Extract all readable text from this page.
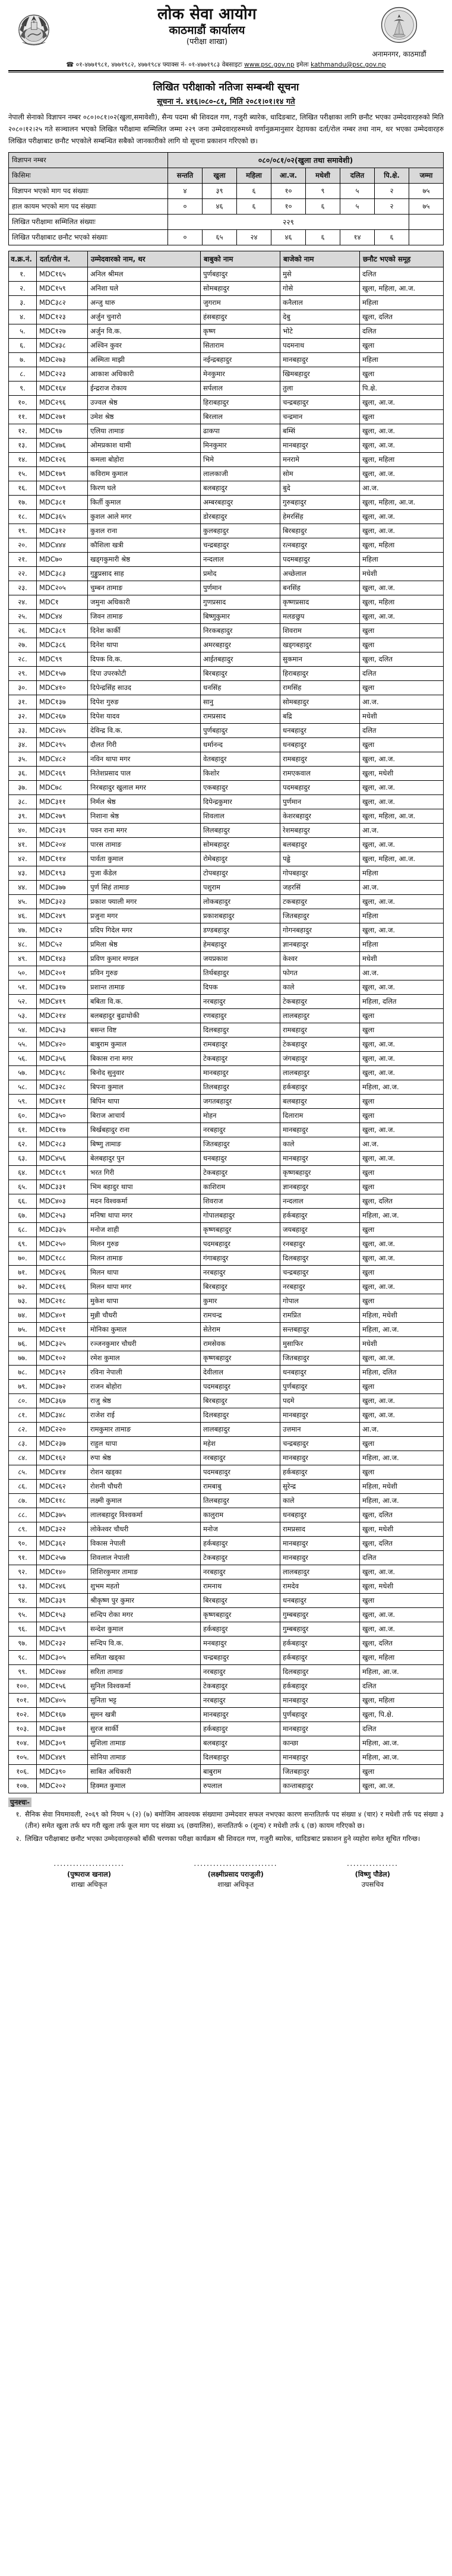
लोक सेवा आयोग
काठमाडौं कार्यालय
(परीक्षा शाखा)
अनामनगर, काठमाडौं
☎ ०१-४७७१९८१, ४७७१९८२, ४७७१९८४ फ्याक्स नं- ०१-४७७१९८३ वेबसाइटः www.psc.gov.np इमेलः kathmandu@psc.gov.np
लिखित परीक्षाको नतिजा सम्बन्धी सूचना
सूचना नं. ४१६।०८०-८१, मिति २०८१।०१।१४ गते
नेपाली सेनाको विज्ञापन नम्बर ०८०।०८१।०२(खुला,समावेशी), सैन्य पदमा श्री शिवदल गण, गजुरी ब्यारेक, धादिङबाट, लिखित परीक्षाका लागि छनौट भएका उम्मेदवारहरुको मिति २०८०।१२।२५ गते सञ्चालन भएको लिखित परीक्षामा सम्मिलित जम्मा २२९ जना उम्मेदवारहरुमध्ये वर्णानुक्रमानुसार देहायका दर्ता/रोल नम्बर तथा नाम, थर भएका उम्मेदवारहरु लिखित परीक्षाबाट छनौट भएकोले सम्बन्धित सबैको जानकारीको लागि यो सूचना प्रकाशन गरिएको छ।
विज्ञापन नम्बर	०८०/०८१/०२(खुला तथा समावेशी)							
किसिमः	सन्तति	खुला	महिला	आ.ज.	मधेशी	दलित	पि.क्षे.	जम्मा
विज्ञापन भएको माग पद संख्याः	४	३९	६	१०	९	५	२	७५
हाल कायम भएको माग पद संख्याः	०	४६	६	१०	६	५	२	७५
लिखित परीक्षामा सम्मिलित संख्याः	२२९							
लिखित परीक्षाबाट छनौट भएको संख्याः	०	६५	२४	४६	६	१४	६	
व.क्र.नं.	दर्ता/रोल नं.	उम्मेदवारको नाम, थर	बाबुको नाम	बाजेको नाम	छनौट भएको समूह
१.	MDC१६५	अनिल श्रीमल	पुर्णबहादुर	मुसे	दलित
२.	MDC१५९	अनिशा घले	सोमबहादुर	गोसे	खुला, महिला, आ.ज.
३.	MDC३८२	अन्जु थारु	जुगराम	कनैलाल	महिला
४.	MDC१२३	अर्जुन चुनारो	हंसबहादुर	देबु	खुला, दलित
५.	MDC१२७	अर्जुन वि.क.	कृष्ण	भोटे	दलित
६.	MDC४३८	अश्विन कुवर	सिताराम	पदमनाथ	खुला
७.	MDC२७३	अस्मिता माझी	नईन्द्रबहादुर	मानबहादुर	महिला
८.	MDC२२३	आकाश अधिकारी	मेनकुमार	खिमबहादुर	खुला
९.	MDC१६४	ईन्द्रराज रोकाय	सर्पलाल	तुला	पि.क्षे.
१०.	MDC२९६	उज्वल श्रेष्ठ	हिराबहादुर	चन्द्रबहादुर	खुला, आ.ज.
११.	MDC२७१	उमेश श्रेष्ठ	बिरलाल	चन्द्रमान	खुला
१२.	MDC९७	एलिया तामाङ	ढाकपा	बम्सिं	खुला, आ.ज.
१३.	MDC४७६	ओमप्रकाश थामी	मिनकुमार	मानबहादुर	खुला, आ.ज.
१४.	MDC१२६	कमला बोहोरा	भिमे	मनरामे	खुला, महिला
१५.	MDC१७९	कविराम कुमाल	लालकाजी	सोम	खुला, आ.ज.
१६.	MDC१०९	किरण घले	बलबहादुर	बुदे	आ.ज.
१७.	MDC३८१	किर्ती कुमाल	अम्बरबहादुर	गुरुबहादुर	खुला, महिला, आ.ज.
१८.	MDC३६५	कुशल आले मगर	डोरबहादुर	हेमरसिंह	खुला, आ.ज.
१९.	MDC३१२	कुशल राना	कुलबहादुर	बिरबहादुर	खुला, आ.ज.
२०.	MDC४४४	कौशिला खत्री	चन्द्रबहादुर	रत्नबहादुर	खुला, महिला
२१.	MDC७०	खड्गकुमारी श्रेष्ठ	नन्दलाल	पदमबहादुर	महिला
२२.	MDC३८३	गुड्डुप्रसाद साह	प्रमोद	अच्छेलाल	मधेशी
२३.	MDC२०५	चुम्बन तामाङ	पुर्णमान	बनसिंह	खुला, आ.ज.
२४.	MDC१	जमुना अधिकारी	गुणप्रसाद	कृष्णप्रसाद	खुला, महिला
२५.	MDC४४	जिवन तामाङ	बिष्णुकुमार	मलङछुप	खुला, आ.ज.
२६.	MDC३८९	दिनेश कार्की	निरकबहादुर	शिवराम	खुला
२७.	MDC३८६	दिनेश थापा	अमरबहादुर	खड्गबहादुर	खुला
२८.	MDC९९	दिपक वि.क.	आईतबहादुर	सुकमान	खुला, दलित
२९.	MDC१५७	दिपा उपरकोटी	बिरबहादुर	हिराबहादुर	दलित
३०.	MDC४१०	दिपेन्द्रसिंह साउद	धनसिंह	रामसिंह	खुला
३१.	MDC१३७	दिपेश गुरुङ	सानु	सोमबहादुर	आ.ज.
३२.	MDC२६७	दिपेश यादव	रामप्रसाद	बद्रि	मधेशी
३३.	MDC२४५	देविन्द्र वि.क.	पुर्णबहादुर	धनबहादुर	दलित
३४.	MDC२९५	दौलत गिरी	धर्मानन्द	धनबहादुर	खुला
३५.	MDC४८२	नविन थापा मगर	वेतबहादुर	रामबहादुर	खुला, आ.ज.
३६.	MDC२६९	नितेशप्रसाद पाल	किशोर	रामएकवाल	खुला, मधेशी
३७.	MDC७८	निरबहादुर खुलाल मगर	एकबहादुर	पदमबहादुर	खुला, आ.ज.
३८.	MDC३११	निर्मल श्रेष्ठ	दिपेन्द्रकुमार	पुर्णमान	खुला, आ.ज.
३९.	MDC२७९	निशाना श्रेष्ठ	शिवलाल	केशरबहादुर	खुला, महिला, आ.ज.
४०.	MDC२३९	पवन राना मगर	लिलबहादुर	रेशमबहादुर	आ.ज.
४१.	MDC२०४	पारस तामाङ	सोमबहादुर	बलबहादुर	खुला, आ.ज.
४२.	MDC११४	पार्वता कुमाल	रोमेबहादुर	पढ्ढे	खुला, महिला, आ.ज.
४३.	MDC१९३	पुजा कँडेल	टोपबहादुर	गोपबहादुर	महिला
४४.	MDC३७७	पुर्ण सिहं तामाङ	पशुराम	जहरसिं	आ.ज.
४५.	MDC३२३	प्रकाश फ्याली मगर	लोकबहादुर	टकबहादुर	खुला, आ.ज.
४६.	MDC२४९	प्रजुना मगर	प्रकाशबहादुर	जितबहादुर	महिला
४७.	MDC१२	प्रदिप गिदेल मगर	डण्डबहादुर	गोगनबहादुर	खुला, आ.ज.
४८.	MDC५२	प्रमिला श्रेष्ठ	हेमबहादुर	ज्ञानबहादुर	महिला
४९.	MDC१४३	प्रविण कुमार मण्डल	जयप्रकाश	केश्वर	मधेशी
५०.	MDC२०१	प्रविन गुरुङ	तिर्थबहादुर	फोगत	आ.ज.
५१.	MDC३१७	प्रशान्त तामाङ	दिपक	काले	खुला, आ.ज.
५२.	MDC४१९	बबिता वि.क.	नरबहादुर	टेकबहादुर	महिला, दलित
५३.	MDC२१४	बलबहादुर बुढाथोकी	रणबहादुर	लालबहादुर	खुला
५४.	MDC३५३	बसन्त विष्ट	दिलबहादुर	रामबहादुर	खुला
५५.	MDC४२०	बाबुराम कुमाल	रामबहादुर	टेकबहादुर	खुला, आ.ज.
५६.	MDC३५६	बिकास राना मगर	टेकबहादुर	जंगबहादुर	खुला, आ.ज.
५७.	MDC३९८	बिनोद सुनुवार	मानबहादुर	लालबहादुर	खुला, आ.ज.
५८.	MDC३२८	बिपना कुमाल	तिलबहादुर	हर्कबहादुर	महिला, आ.ज.
५९.	MDC४११	बिपिन थापा	जगतबहादुर	बलबहादुर	खुला
६०.	MDC३५०	बिराज आचार्य	मोहन	दिलाराम	खुला
६१.	MDC११७	बिर्खबहादुर राना	नरबहादुर	मानबहादुर	खुला, आ.ज.
६२.	MDC२८३	बिष्णु तामाङ	जितबहादुर	काले	आ.ज.
६३.	MDC४५६	बेलबहादुर पुन	धनबहादुर	मानबहादुर	खुला, आ.ज.
६४.	MDC१८९	भरत गिरी	टेकबहादुर	कृष्णबहादुर	खुला
६५.	MDC३३१	भिम बहादुर थापा	काशिराम	ज्ञानबहादुर	खुला
६६.	MDC४०३	मदन विश्वकर्मा	शिवराज	नन्दलाल	खुला, दलित
६७.	MDC२५३	मनिषा थापा मगर	गोपालबहादुर	हर्कबहादुर	महिला, आ.ज.
६८.	MDC३३५	मनोज शाही	कृष्णबहादुर	जयबहादुर	खुला
६९.	MDC२५०	मिलन गुरुङ	पदमबहादुर	रनबहादुर	खुला, आ.ज.
७०.	MDC१८८	मिलन तामाङ	गंगाबहादुर	दिलबहादुर	खुला, आ.ज.
७१.	MDC४२६	मिलन थापा	नरबहादुर	चन्द्रबहादुर	खुला
७२.	MDC२१६	मिलन थापा मगर	बिरबहादुर	नरबहादुर	खुला, आ.ज.
७३.	MDC२१८	मुकेश थापा	कुमार	गोपाल	खुला
७४.	MDC४०१	मुन्नी चौधरी	रामचन्द्र	रामप्रित	महिला, मधेशी
७५.	MDC२९१	मोनिका कुमाल	सेतेराम	सन्तबहादुर	महिला, आ.ज.
७६.	MDC३२५	रञ्जनकुमार चौधरी	रामसेवक	मुसाफिर	मधेशी
७७.	MDC१०२	रमेश कुमाल	कृष्णबहादुर	जितबहादुर	खुला, आ.ज.
७८.	MDC३९२	रविना नेपाली	देवीलाल	धनबहादुर	महिला, दलित
७९.	MDC३७२	राजन बोहोरा	पदमबहादुर	पुर्णबहादुर	खुला
८०.	MDC३६७	राजु श्रेष्ठ	बिरबहादुर	पदमे	खुला, आ.ज.
८१.	MDC३४८	राजेश राई	दिलबहादुर	मानबहादुर	खुला, आ.ज.
८२.	MDC२२०	रामकुमार तामाङ	लालबहादुर	उत्तमान	आ.ज.
८३.	MDC२३७	राहुल थापा	महेश	चन्द्रबहादुर	खुला
८४.	MDC१६२	रुपा श्रेष्ठ	नरबहादुर	मानबहादुर	महिला, आ.ज.
८५.	MDC४१४	रोशन खड्का	पदमबहादुर	हर्कबहादुर	खुला
८६.	MDC२६२	रोशनी चौधरी	रामबाबु	सुरेन्द्र	महिला, मधेशी
८७.	MDC११८	लक्ष्मी कुमाल	तिलबहादुर	काले	महिला, आ.ज.
८८.	MDC३७५	लालबहादुर विश्वकर्मा	कालुराम	धनबहादुर	खुला, दलित
८९.	MDC३२२	लोकेश्वर चौधरी	मनोज	रामप्रसाद	खुला, मधेशी
९०.	MDC३६२	विकास नेपाली	हर्कबहादुर	मानबहादुर	खुला, दलित
९१.	MDC२५७	शिवलाल नेपाली	टेकबहादुर	मानबहादुर	दलित
९२.	MDC१४०	शिशिरकुमार तामाङ	नरबहादुर	लालबहादुर	खुला, आ.ज.
९३.	MDC२४६	शुभम महतो	रामनाथ	रामदेव	खुला, मधेशी
९४.	MDC३३९	श्रीकृष्ण पुर कुमार	बिरबहादुर	धनबहादुर	खुला
९५.	MDC१५३	सन्दिप रोका मगर	कृष्णबहादुर	गुम्बबहादुर	खुला, आ.ज.
९६.	MDC३५९	सन्देश कुमाल	हर्कबहादुर	गुम्बबहादुर	खुला, आ.ज.
९७.	MDC२३२	सन्दिप वि.क.	मनबहादुर	हर्कबहादुर	खुला, दलित
९८.	MDC३०५	समिता खड्का	चन्द्रबहादुर	हर्कबहादुर	खुला, महिला
९९.	MDC२७४	सरिता तामाङ	नरबहादुर	दिलबहादुर	महिला, आ.ज.
१००.	MDC१५६	सुनिल विश्वकर्मा	टेकबहादुर	हर्कबहादुर	दलित
१०१.	MDC४०५	सुनिता भट्ट	नरबहादुर	मानबहादुर	खुला, महिला
१०२.	MDC१६७	सुमन खत्री	मानबहादुर	पुर्णबहादुर	खुला, पि.क्षे.
१०३.	MDC३७१	सुरज सार्की	हर्कबहादुर	मानबहादुर	दलित
१०४.	MDC३०९	सुशिला तामाङ	बलबहादुर	कान्छा	महिला, आ.ज.
१०५.	MDC४४९	सोनिया तामाङ	दिलबहादुर	मानबहादुर	महिला, आ.ज.
१०६.	MDC३९०	साबित अधिकारी	बाबुराम	जितबहादुर	खुला
१०७.	MDC२०२	हिक्मत कुमाल	रुपलाल	कान्ताबहादुर	खुला, आ.ज.
पुनश्चः-
१. सैनिक सेवा नियमावली, २०६९ को नियम ५ (२) (७) बमोजिम आवश्यक संख्यामा उम्मेदवार सफल नभएका कारण सन्ततितर्फ पद संख्या ४ (चार) र मधेशी तर्फ पद संख्या ३ (तीन) समेत खुला तर्फ थप गरी खुला तर्फ कूल माग पद संख्या ४६ (छयालिस), सन्ततितर्फ ० (शून्य) र मधेशी तर्फ ६ (छ) कायम गरिएको छ।
२. लिखित परीक्षाबाट छनौट भएका उम्मेदवारहरुको बाँकी चरणका परीक्षा कार्यक्रम श्री शिवदल गण, गजुरी ब्यारेक, धादिङबाट प्रकाशन हुने व्यहोरा समेत सूचित गरिन्छ।
......................
(पुष्पराज खनाल)
शाखा अधिकृत
..........................
(लक्ष्मीप्रसाद पराजुली)
शाखा अधिकृत
................
(विष्णु पौडेल)
उपसचिव
